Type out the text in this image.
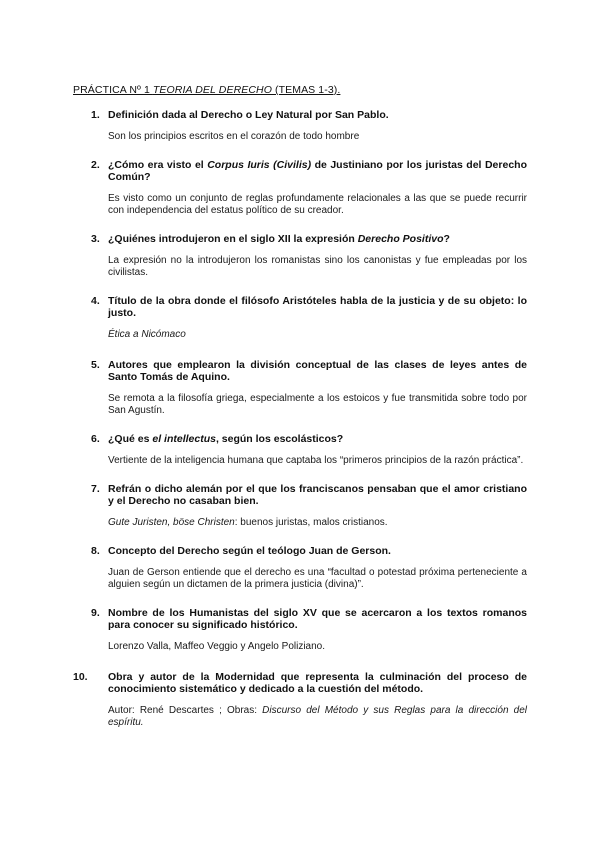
PRÁCTICA Nº 1 TEORIA DEL DERECHO (TEMAS 1-3).

1. Definición dada al Derecho o Ley Natural por San Pablo.

Son los principios escritos en el corazón de todo hombre

2. ¿Cómo era visto el Corpus Iuris (Civilis) de Justiniano por los juristas del Derecho Común?

Es visto como un conjunto de reglas profundamente relacionales a las que se puede recurrir con independencia del estatus político de su creador.

3. ¿Quiénes introdujeron en el siglo XII la expresión Derecho Positivo?

La expresión no la introdujeron los romanistas sino los canonistas y fue empleadas por los civilistas.

4. Título de la obra donde el filósofo Aristóteles habla de la justicia y de su objeto: lo justo.

Ética a Nicómaco

5. Autores que emplearon la división conceptual de las clases de leyes antes de Santo Tomás de Aquino.

Se remota a la filosofía griega, especialmente a los estoicos y fue transmitida sobre todo por San Agustín.

6. ¿Qué es el intellectus, según los escolásticos?

Vertiente de la inteligencia humana que captaba los “primeros principios de la razón práctica”.

7. Refrán o dicho alemán por el que los franciscanos pensaban que el amor cristiano y el Derecho no casaban bien.

Gute Juristen, böse Christen: buenos juristas, malos cristianos.

8. Concepto del Derecho según el teólogo Juan de Gerson.

Juan de Gerson entiende que el derecho es una “facultad o potestad próxima perteneciente a alguien según un dictamen de la primera justicia (divina)”.

9. Nombre de los Humanistas del siglo XV que se acercaron a los textos romanos para conocer su significado histórico.

Lorenzo Valla, Maffeo Veggio y Angelo Poliziano.

10. Obra y autor de la Modernidad que representa la culminación del proceso de conocimiento sistemático y dedicado a la cuestión del método.

Autor: René Descartes ; Obras: Discurso del Método y sus Reglas para la dirección del espíritu.
